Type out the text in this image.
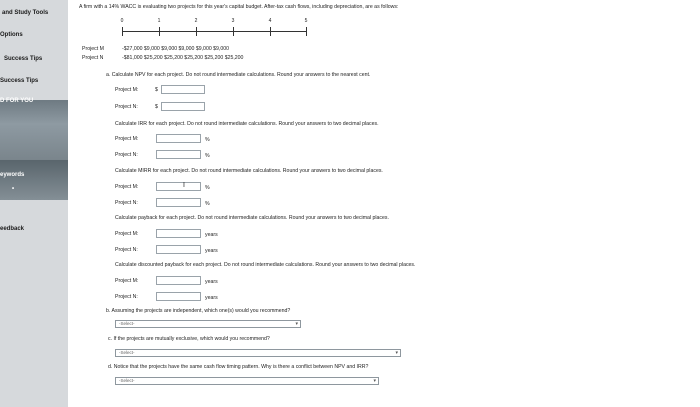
and Study Tools
Options
Success Tips
Success Tips
D FOR YOU
eywords
•
eedback
A firm with a 14% WACC is evaluating two projects for this year's capital budget. After-tax cash flows, including depreciation, are as follows:
0	1	2	3	4	5
Project M	-$27,000 $9,000 $9,000 $9,000 $9,000 $9,000
Project N	-$81,000 $25,200 $25,200 $25,200 $25,200 $25,200
a. Calculate NPV for each project. Do not round intermediate calculations. Round your answers to the nearest cent.
Project M:	$
Project N:	$
Calculate IRR for each project. Do not round intermediate calculations. Round your answers to two decimal places.
Project M:	%
Project N:	%
Calculate MIRR for each project. Do not round intermediate calculations. Round your answers to two decimal places.
Project M:	I	%
Project N:	%
Calculate payback for each project. Do not round intermediate calculations. Round your answers to two decimal places.
Project M:	years
Project N:	years
Calculate discounted payback for each project. Do not round intermediate calculations. Round your answers to two decimal places.
Project M:	years
Project N:	years
b. Assuming the projects are independent, which one(s) would you recommend?
-Select-	▾
c. If the projects are mutually exclusive, which would you recommend?
-Select-	▾
d. Notice that the projects have the same cash flow timing pattern. Why is there a conflict between NPV and IRR?
-Select-	▾
